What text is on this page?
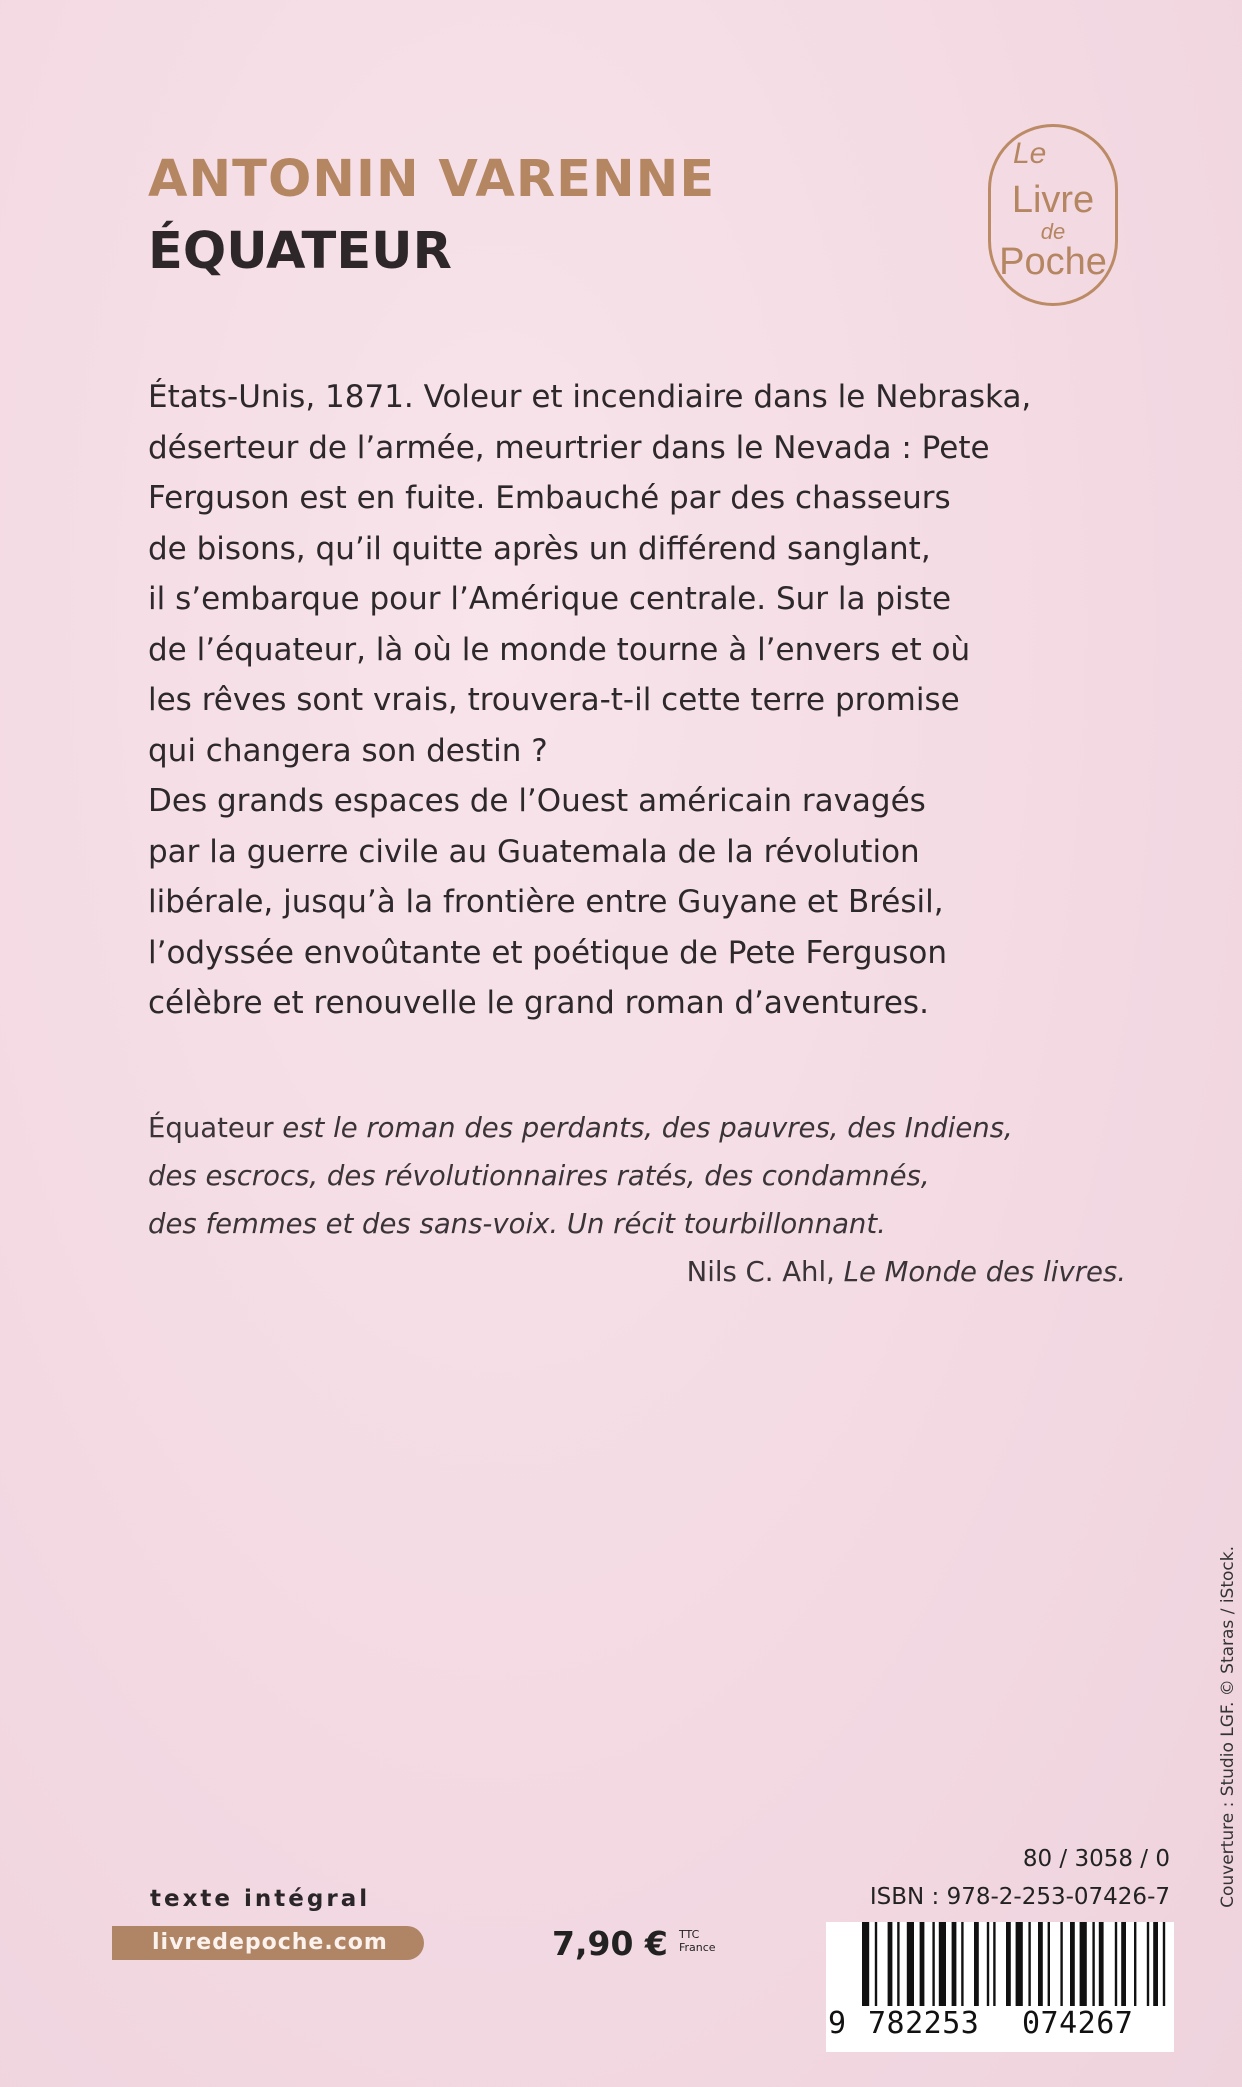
ANTONIN VARENNE
ÉQUATEUR
Le
Livre
de
Poche
États-Unis, 1871. Voleur et incendiaire dans le Nebraska,
déserteur de l’armée, meurtrier dans le Nevada : Pete
Ferguson est en fuite. Embauché par des chasseurs
de bisons, qu’il quitte après un différend sanglant,
il s’embarque pour l’Amérique centrale. Sur la piste
de l’équateur, là où le monde tourne à l’envers et où
les rêves sont vrais, trouvera-t-il cette terre promise
qui changera son destin ?
Des grands espaces de l’Ouest américain ravagés
par la guerre civile au Guatemala de la révolution
libérale, jusqu’à la frontière entre Guyane et Brésil,
l’odyssée envoûtante et poétique de Pete Ferguson
célèbre et renouvelle le grand roman d’aventures.
Équateur est le roman des perdants, des pauvres, des Indiens,
des escrocs, des révolutionnaires ratés, des condamnés,
des femmes et des sans-voix. Un récit tourbillonnant.
Nils C. Ahl, Le Monde des livres.
texte intégral
livredepoche.com	7,90 € TTC
France
80 / 3058 / 0
ISBN : 978-2-253-07426-7
9 782253 074267
Couverture : Studio LGF. © Staras / iStock.
